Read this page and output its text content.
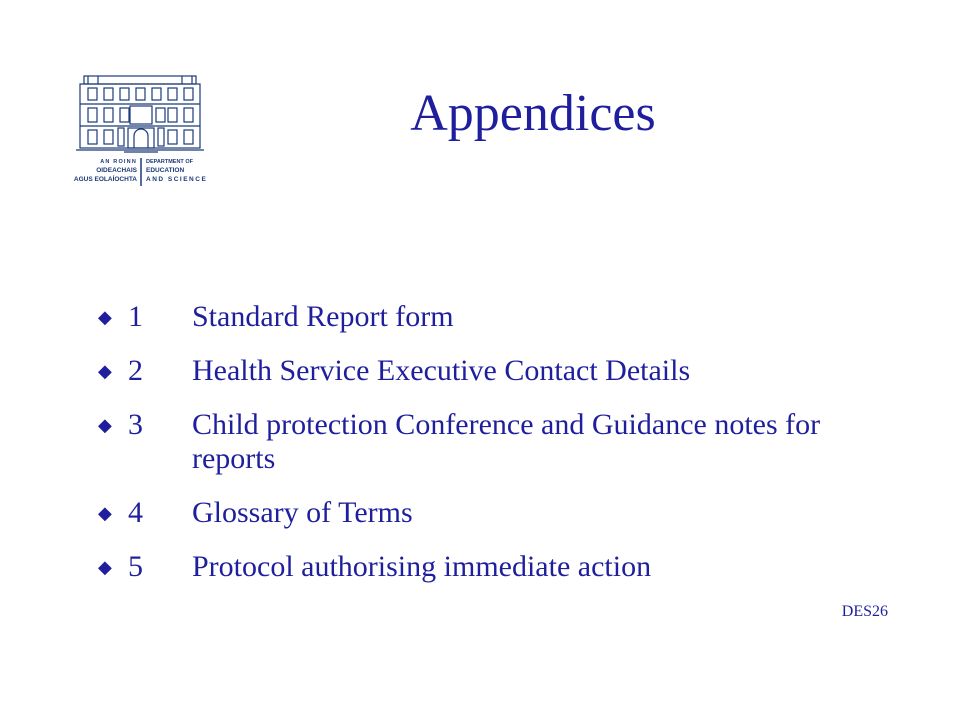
AN ROINN
OIDEACHAIS
AGUS EOLAÍOCHTA
DEPARTMENT OF
EDUCATION
AND SCIENCE
Appendices
◆ 1 Standard Report form
◆ 2 Health Service Executive Contact Details
◆ 3 Child protection Conference and Guidance notes for reports
◆ 4 Glossary of Terms
◆ 5 Protocol authorising immediate action
DES26
